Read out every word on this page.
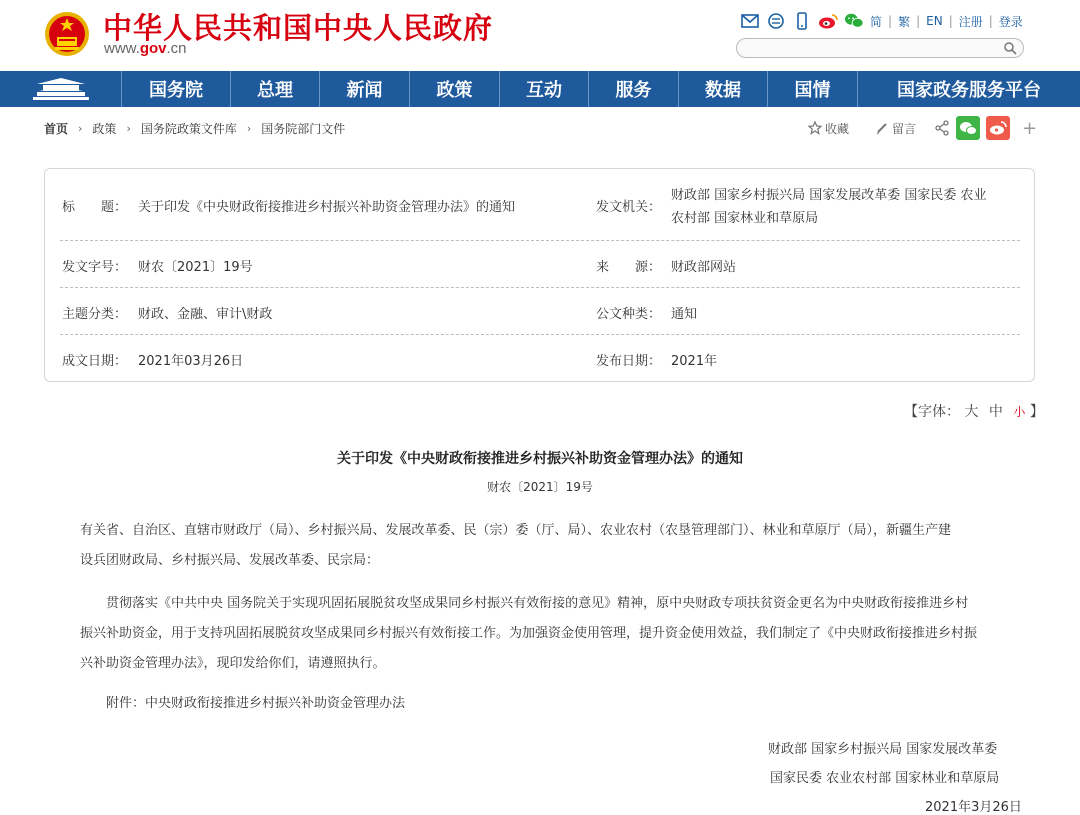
中华人民共和国中央人民政府
www.gov.cn
简 | 繁 | EN | 注册 | 登录
国务院	总理	新闻	政策	互动	服务	数据	国情	国家政务服务平台
首页 › 政策 › 国务院政策文件库 › 国务院部门文件	收藏	留言	+
标　　题： 关于印发《中央财政衔接推进乡村振兴补助资金管理办法》的通知	发文机关：
财政部 国家乡村振兴局 国家发展改革委 国家民委 农业
农村部 国家林业和草原局
发文字号： 财农〔2021〕19号	来　　源： 财政部网站
主题分类： 财政、金融、审计\财政	公文种类： 通知
成文日期： 2021年03月26日	发布日期： 2021年
【字体： 大 中 小 】
关于印发《中央财政衔接推进乡村振兴补助资金管理办法》的通知
财农〔2021〕19号
有关省、自治区、直辖市财政厅（局）、乡村振兴局、发展改革委、民（宗）委（厅、局）、农业农村（农垦管理部门）、林业和草原厅（局），新疆生产建
设兵团财政局、乡村振兴局、发展改革委、民宗局：
贯彻落实《中共中央 国务院关于实现巩固拓展脱贫攻坚成果同乡村振兴有效衔接的意见》精神，原中央财政专项扶贫资金更名为中央财政衔接推进乡村
振兴补助资金，用于支持巩固拓展脱贫攻坚成果同乡村振兴有效衔接工作。为加强资金使用管理，提升资金使用效益，我们制定了《中央财政衔接推进乡村振
兴补助资金管理办法》，现印发给你们，请遵照执行。
附件：中央财政衔接推进乡村振兴补助资金管理办法
财政部 国家乡村振兴局 国家发展改革委
国家民委 农业农村部 国家林业和草原局
2021年3月26日
